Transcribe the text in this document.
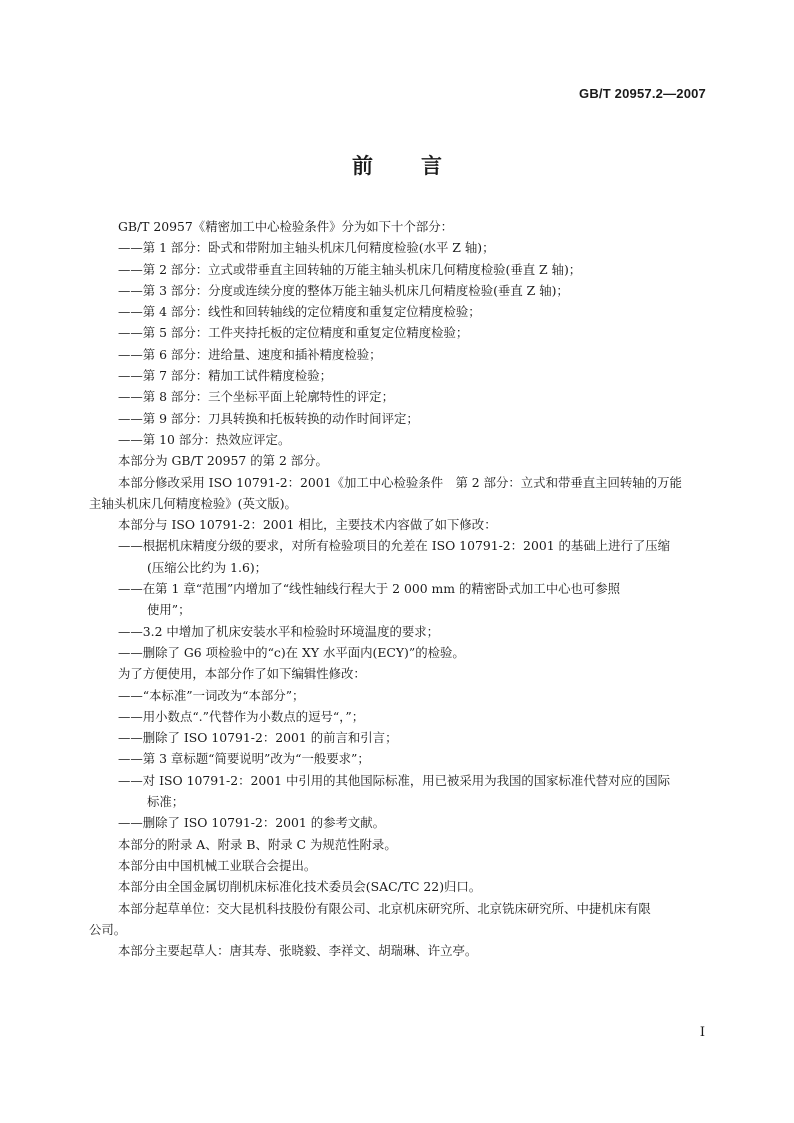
GB/T 20957.2—2007
前 言
GB/T 20957《精密加工中心检验条件》分为如下十个部分：
——第 1 部分：卧式和带附加主轴头机床几何精度检验(水平 Z 轴)；
——第 2 部分：立式或带垂直主回转轴的万能主轴头机床几何精度检验(垂直 Z 轴)；
——第 3 部分：分度或连续分度的整体万能主轴头机床几何精度检验(垂直 Z 轴)；
——第 4 部分：线性和回转轴线的定位精度和重复定位精度检验；
——第 5 部分：工件夹持托板的定位精度和重复定位精度检验；
——第 6 部分：进给量、速度和插补精度检验；
——第 7 部分：精加工试件精度检验；
——第 8 部分：三个坐标平面上轮廓特性的评定；
——第 9 部分：刀具转换和托板转换的动作时间评定；
——第 10 部分：热效应评定。
本部分为 GB/T 20957 的第 2 部分。
本部分修改采用 ISO 10791-2：2001《加工中心检验条件　第 2 部分：立式和带垂直主回转轴的万能
主轴头机床几何精度检验》(英文版)。
本部分与 ISO 10791-2：2001 相比，主要技术内容做了如下修改：
——根据机床精度分级的要求，对所有检验项目的允差在 ISO 10791-2：2001 的基础上进行了压缩
(压缩公比约为 1.6)；
——在第 1 章“范围”内增加了“线性轴线行程大于 2 000 mm 的精密卧式加工中心也可参照
使用”；
——3.2 中增加了机床安装水平和检验时环境温度的要求；
——删除了 G6 项检验中的“c)在 XY 水平面内(ECY)”的检验。
为了方便使用，本部分作了如下编辑性修改：
——“本标准”一词改为“本部分”；
——用小数点“.”代替作为小数点的逗号“，”；
——删除了 ISO 10791-2：2001 的前言和引言；
——第 3 章标题“简要说明”改为“一般要求”；
——对 ISO 10791-2：2001 中引用的其他国际标准，用已被采用为我国的国家标准代替对应的国际
标准；
——删除了 ISO 10791-2：2001 的参考文献。
本部分的附录 A、附录 B、附录 C 为规范性附录。
本部分由中国机械工业联合会提出。
本部分由全国金属切削机床标准化技术委员会(SAC/TC 22)归口。
本部分起草单位：交大昆机科技股份有限公司、北京机床研究所、北京铣床研究所、中捷机床有限
公司。
本部分主要起草人：唐其寿、张晓毅、李祥文、胡瑞琳、许立亭。
I
